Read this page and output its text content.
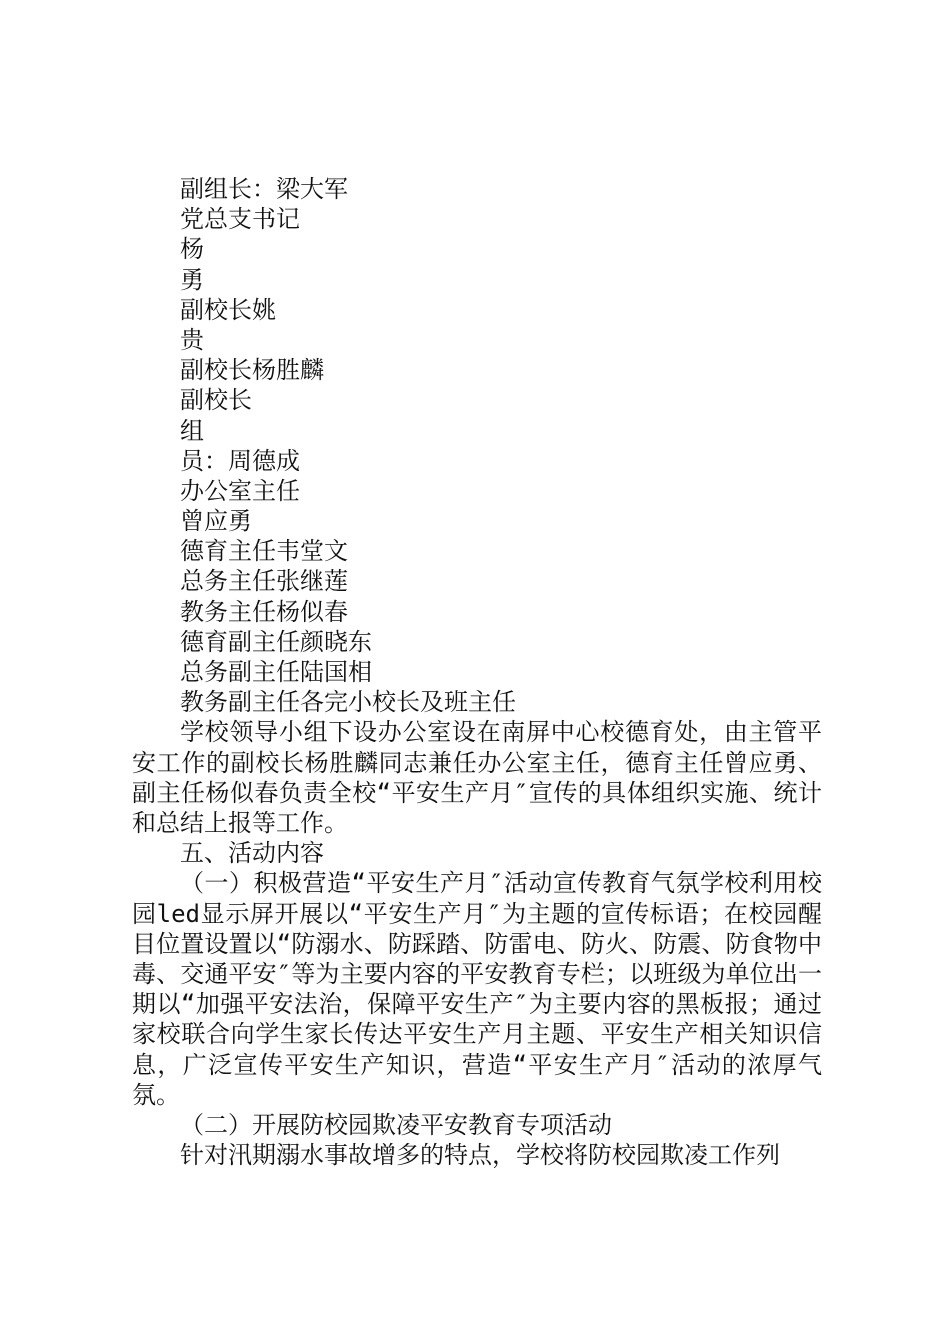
副组长：梁大军
党总支书记
杨
勇
副校长姚
贵
副校长杨胜麟
副校长
组
员：周德成
办公室主任
曾应勇
德育主任韦堂文
总务主任张继莲
教务主任杨似春
德育副主任颜晓东
总务副主任陆国相
教务副主任各完小校长及班主任

学校领导小组下设办公室设在南屏中心校德育处，由主管平安工作的副校长杨胜麟同志兼任办公室主任，德育主任曾应勇、副主任杨似春负责全校“平安生产月″宣传的具体组织实施、统计和总结上报等工作。

五、活动内容

（一）积极营造“平安生产月″活动宣传教育气氛学校利用校园led显示屏开展以“平安生产月″为主题的宣传标语；在校园醒目位置设置以“防溺水、防踩踏、防雷电、防火、防震、防食物中毒、交通平安″等为主要内容的平安教育专栏；以班级为单位出一期以“加强平安法治，保障平安生产″为主要内容的黑板报；通过家校联合向学生家长传达平安生产月主题、平安生产相关知识信息，广泛宣传平安生产知识，营造“平安生产月″活动的浓厚气氛。

（二）开展防校园欺凌平安教育专项活动

针对汛期溺水事故增多的特点，学校将防校园欺凌工作列
